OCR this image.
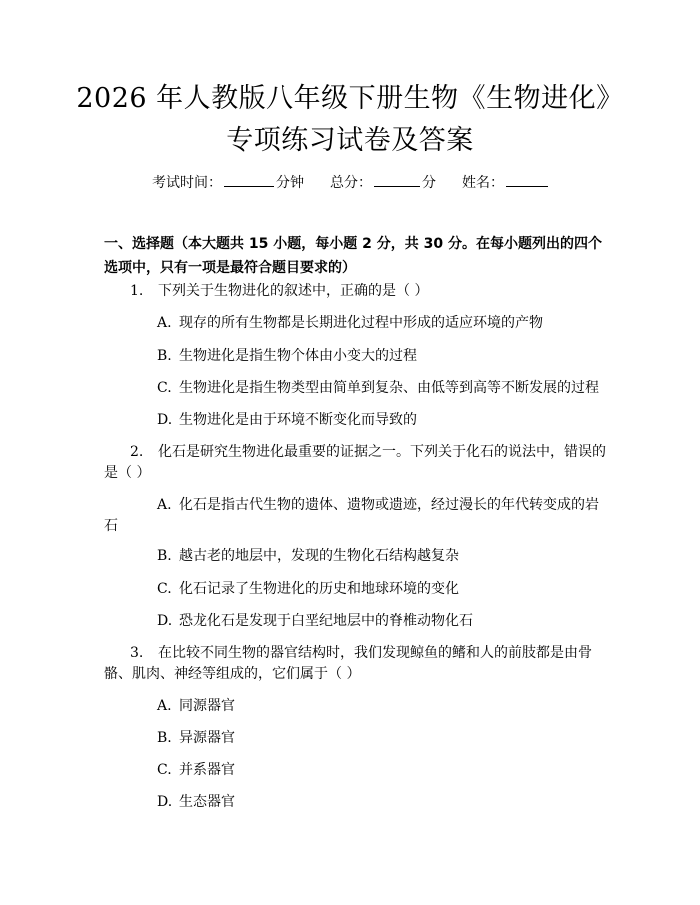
2026 年人教版八年级下册生物《生物进化》
专项练习试卷及答案
考试时间：	分钟 总分：	分 姓名：
一、选择题（本大题共 15 小题，每小题 2 分，共 30 分。在每小题列出的四个选项中，只有一项是最符合题目要求的）
1. 下列关于生物进化的叙述中，正确的是（ ）
A. 现存的所有生物都是长期进化过程中形成的适应环境的产物
B. 生物进化是指生物个体由小变大的过程
C. 生物进化是指生物类型由简单到复杂、由低等到高等不断发展的过程
D. 生物进化是由于环境不断变化而导致的
2. 化石是研究生物进化最重要的证据之一。下列关于化石的说法中，错误的
是（ ）
A. 化石是指古代生物的遗体、遗物或遗迹，经过漫长的年代转变成的岩
石
B. 越古老的地层中，发现的生物化石结构越复杂
C. 化石记录了生物进化的历史和地球环境的变化
D. 恐龙化石是发现于白垩纪地层中的脊椎动物化石
3. 在比较不同生物的器官结构时，我们发现鲸鱼的鳍和人的前肢都是由骨
骼、肌肉、神经等组成的，它们属于（ ）
A. 同源器官
B. 异源器官
C. 并系器官
D. 生态器官
